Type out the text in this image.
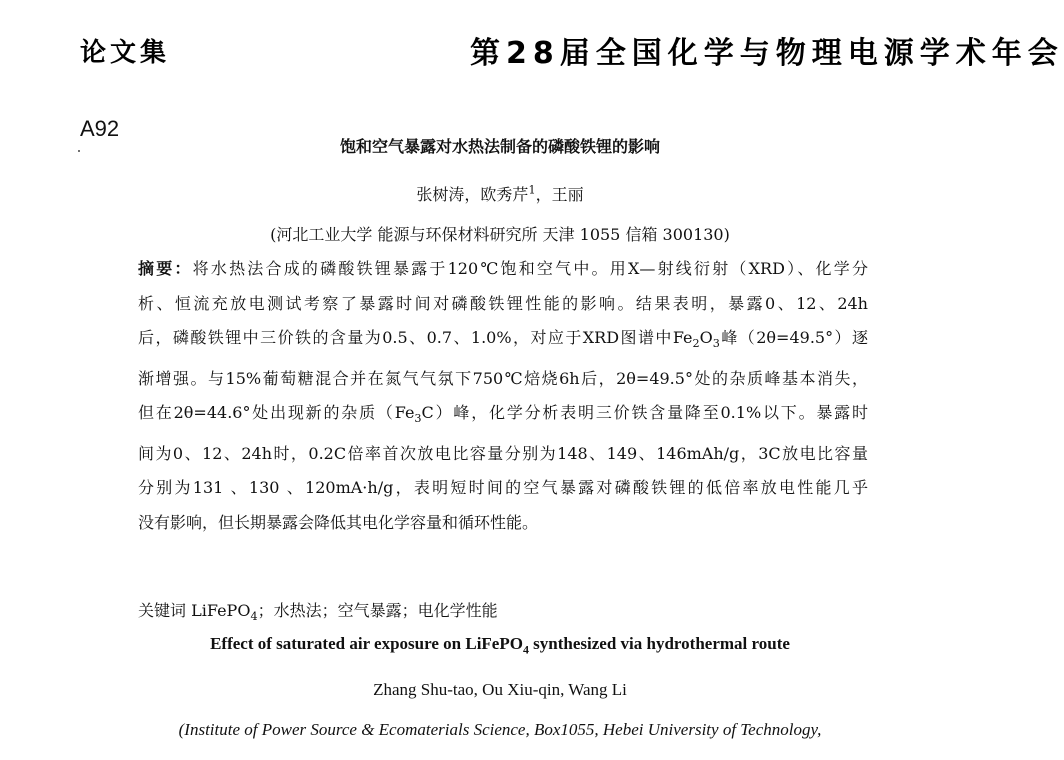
论文集	第28届全国化学与物理电源学术年会
A92
饱和空气暴露对水热法制备的磷酸铁锂的影响
张树涛，欧秀芹$^1$，王丽
(河北工业大学 能源与环保材料研究所 天津 1055 信箱 300130)
摘要：将水热法合成的磷酸铁锂暴露于120℃饱和空气中。用X—射线衍射（XRD）、化学分
析、恒流充放电测试考察了暴露时间对磷酸铁锂性能的影响。结果表明，暴露0、12、24h
后，磷酸铁锂中三价铁的含量为0.5、0.7、1.0%，对应于XRD图谱中$Fe_2O_3$峰（2θ=49.5°）逐
渐增强。与15%葡萄糖混合并在氮气气氛下750℃焙烧6h后，2θ=49.5°处的杂质峰基本消失，
但在2θ=44.6°处出现新的杂质$(Fe_3C)$峰，化学分析表明三价铁含量降至0.1%以下。暴露时
间为0、12、24h时，0.2C倍率首次放电比容量分别为148、149、146mAh/g，3C放电比容量
分别为131 、130 、120mA·h/g，表明短时间的空气暴露对磷酸铁锂的低倍率放电性能几乎
没有影响，但长期暴露会降低其电化学容量和循环性能。
关键词 LiFePO$_4$；水热法；空气暴露；电化学性能
Effect of saturated air exposure on LiFePO$_4$ synthesized via hydrothermal route
Zhang Shu-tao, Ou Xiu-qin, Wang Li
(Institute of Power Source & Ecomaterials Science, Box1055, Hebei University of Technology,
